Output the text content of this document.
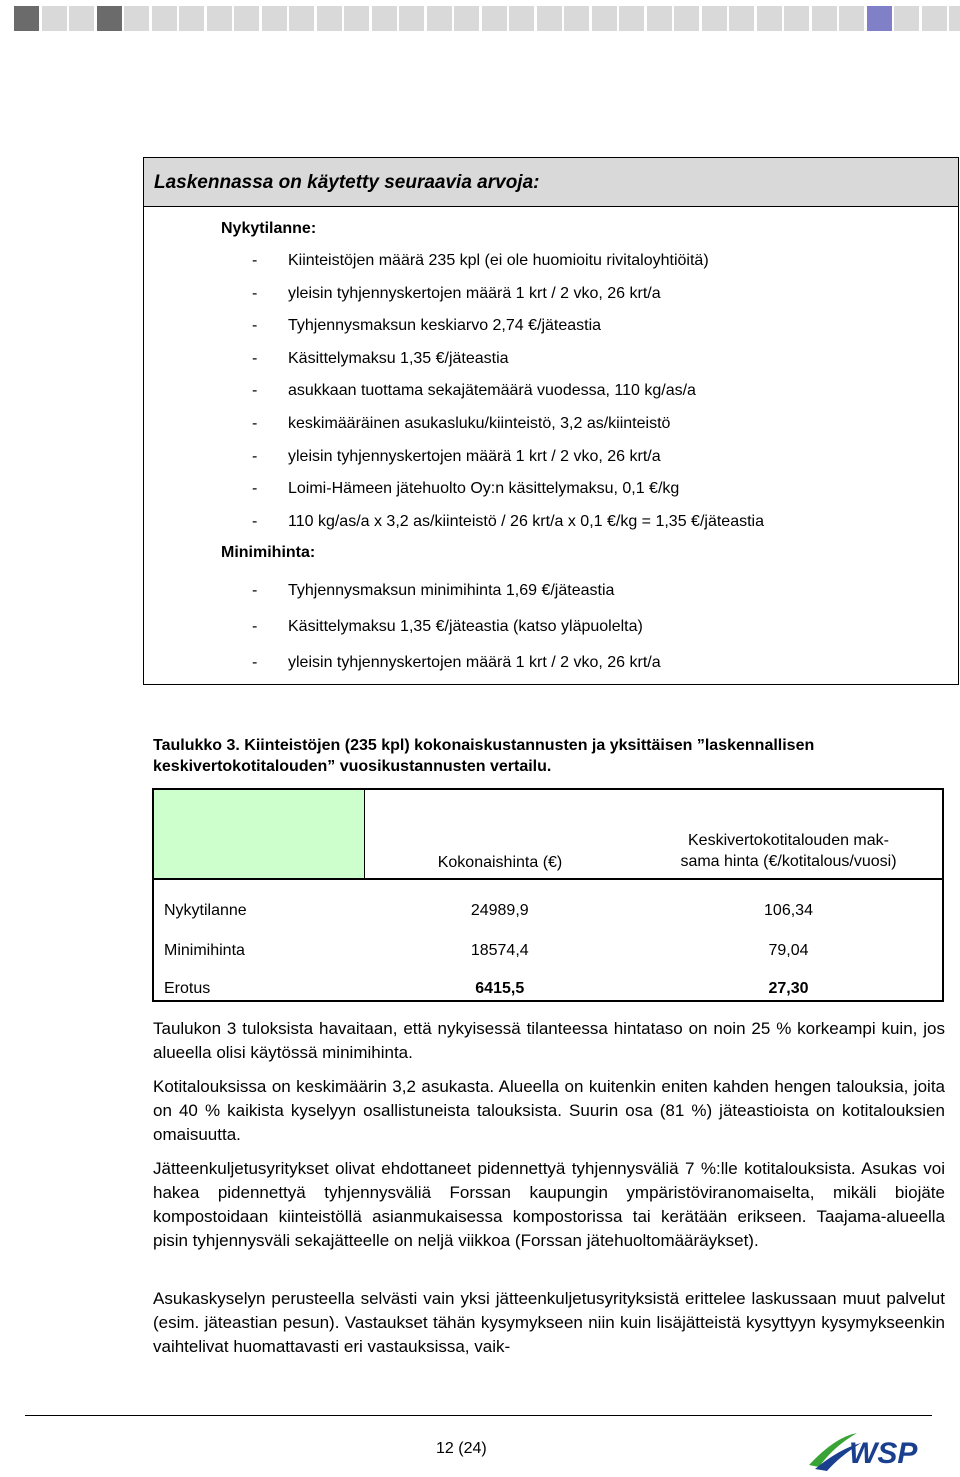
Laskennassa on käytetty seuraavia arvoja:
Nykytilanne:
- Kiinteistöjen määrä 235 kpl (ei ole huomioitu rivitaloyhtiöitä)
- yleisin tyhjennyskertojen määrä 1 krt / 2 vko, 26 krt/a
- Tyhjennysmaksun keskiarvo 2,74 €/jäteastia
- Käsittelymaksu 1,35 €/jäteastia
- asukkaan tuottama sekajätemäärä vuodessa, 110 kg/as/a
- keskimääräinen asukasluku/kiinteistö, 3,2 as/kiinteistö
- yleisin tyhjennyskertojen määrä 1 krt / 2 vko, 26 krt/a
- Loimi-Hämeen jätehuolto Oy:n käsittelymaksu, 0,1 €/kg
- 110 kg/as/a x 3,2 as/kiinteistö / 26 krt/a x 0,1 €/kg = 1,35 €/jäteastia
Minimihinta:
- Tyhjennysmaksun minimihinta 1,69 €/jäteastia
- Käsittelymaksu 1,35 €/jäteastia (katso yläpuolelta)
- yleisin tyhjennyskertojen määrä 1 krt / 2 vko, 26 krt/a
Taulukko 3. Kiinteistöjen (235 kpl) kokonaiskustannusten ja yksittäisen ”laskennallisen keskivertokotitalouden” vuosikustannusten vertailu.
	Kokonaishinta (€)	Keskivertokotitalouden mak-
sama hinta (€/kotitalous/vuosi)
Nykytilanne	24989,9	106,34
Minimihinta	18574,4	79,04
Erotus	6415,5	27,30
Taulukon 3 tuloksista havaitaan, että nykyisessä tilanteessa hintataso on noin 25 % korkeampi kuin, jos alueella olisi käytössä minimihinta.
Kotitalouksissa on keskimäärin 3,2 asukasta. Alueella on kuitenkin eniten kahden hengen talouksia, joita on 40 % kaikista kyselyyn osallistuneista talouksista. Suurin osa (81 %) jäteastioista on kotitalouksien omaisuutta.
Jätteenkuljetusyritykset olivat ehdottaneet pidennettyä tyhjennysväliä 7 %:lle kotitalouksista. Asukas voi hakea pidennettyä tyhjennysväliä Forssan kaupungin ympäristöviranomaiselta, mikäli biojäte kompostoidaan kiinteistöllä asianmukaisessa kompostorissa tai kerätään erikseen. Taajama-alueella pisin tyhjennysväli sekajätteelle on neljä viikkoa (Forssan jätehuoltomääräykset).
Asukaskyselyn perusteella selvästi vain yksi jätteenkuljetusyrityksistä erittelee laskussaan muut palvelut (esim. jäteastian pesun). Vastaukset tähän kysymykseen niin kuin lisäjätteistä kysyttyyn kysymykseenkin vaihtelivat huomattavasti eri vastauksissa, vaik-
12 (24)	WSP
